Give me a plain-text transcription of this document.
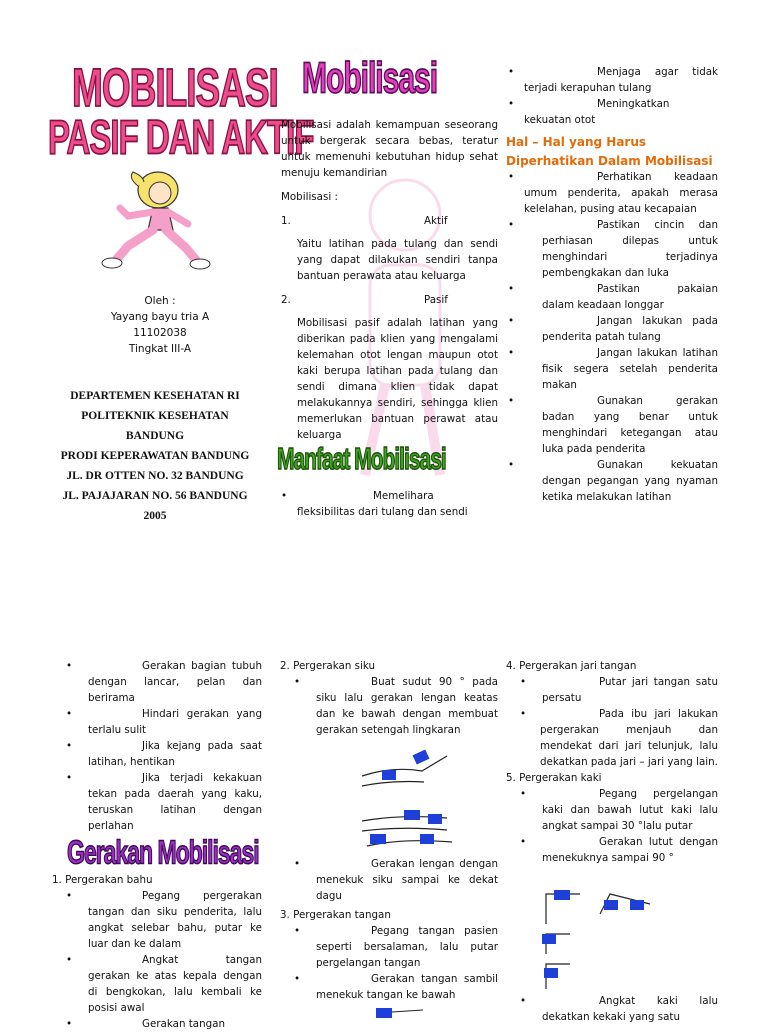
MOBILISASI
PASIF DAN AKTIF
Oleh :
Yayang bayu tria A
11102038
Tingkat III-A
DEPARTEMEN KESEHATAN RI
POLITEKNIK KESEHATAN
BANDUNG
PRODI KEPERAWATAN BANDUNG
JL. DR OTTEN NO. 32 BANDUNG
JL. PAJAJARAN NO. 56 BANDUNG
2005
Mobilisasi
Mobilisasi adalah kemampuan seseorang untuk bergerak secara bebas, teratur untuk memenuhi kebutuhan hidup sehat menuju kemandirian
Mobilisasi :
1.	Aktif
Yaitu latihan pada tulang dan sendi yang dapat dilakukan sendiri tanpa bantuan perawata atau keluarga
2.	Pasif
Mobilisasi pasif adalah latihan yang diberikan pada klien yang mengalami kelemahan otot lengan maupun otot kaki berupa latihan pada tulang dan sendi dimana klien tidak dapat melakukannya sendiri, sehingga klien memerlukan bantuan perawat atau keluarga
Manfaat Mobilisasi
• Memelihara fleksibilitas dari tulang dan sendi
• Menjaga agar tidak terjadi kerapuhan tulang
• Meningkatkan kekuatan otot
Hal – Hal yang Harus
Diperhatikan Dalam Mobilisasi
• Perhatikan keadaan umum penderita, apakah merasa kelelahan, pusing atau kecapaian
• Pastikan cincin dan perhiasan dilepas untuk menghindari terjadinya pembengkakan dan luka
• Pastikan pakaian dalam keadaan longgar
• Jangan lakukan pada penderita patah tulang
• Jangan lakukan latihan fisik segera setelah penderita makan
• Gunakan gerakan badan yang benar untuk menghindari ketegangan atau luka pada penderita
• Gunakan kekuatan dengan pegangan yang nyaman ketika melakukan latihan
• Gerakan bagian tubuh dengan lancar, pelan dan berirama
• Hindari gerakan yang terlalu sulit
• Jika kejang pada saat latihan, hentikan
• Jika terjadi kekakuan tekan pada daerah yang kaku, teruskan latihan dengan perlahan
Gerakan Mobilisasi
1. Pergerakan bahu
• Pegang pergerakan tangan dan siku penderita, lalu angkat selebar bahu, putar ke luar dan ke dalam
• Angkat tangan gerakan ke atas kepala dengan di bengkokan, lalu kembali ke posisi awal
• Gerakan tangan
2. Pergerakan siku
• Buat sudut 90 ° pada siku lalu gerakan lengan keatas dan ke bawah dengan membuat gerakan setengah lingkaran
• Gerakan lengan dengan menekuk siku sampai ke dekat dagu
3. Pergerakan tangan
• Pegang tangan pasien seperti bersalaman, lalu putar pergelangan tangan
• Gerakan tangan sambil menekuk tangan ke bawah
4. Pergerakan jari tangan
• Putar jari tangan satu persatu
• Pada ibu jari lakukan pergerakan menjauh dan mendekat dari jari telunjuk, lalu dekatkan pada jari – jari yang lain.
5. Pergerakan kaki
• Pegang pergelangan kaki dan bawah lutut kaki lalu angkat sampai 30 °lalu putar
• Gerakan lutut dengan menekuknya sampai 90 °
• Angkat kaki lalu dekatkan kekaki yang satu
